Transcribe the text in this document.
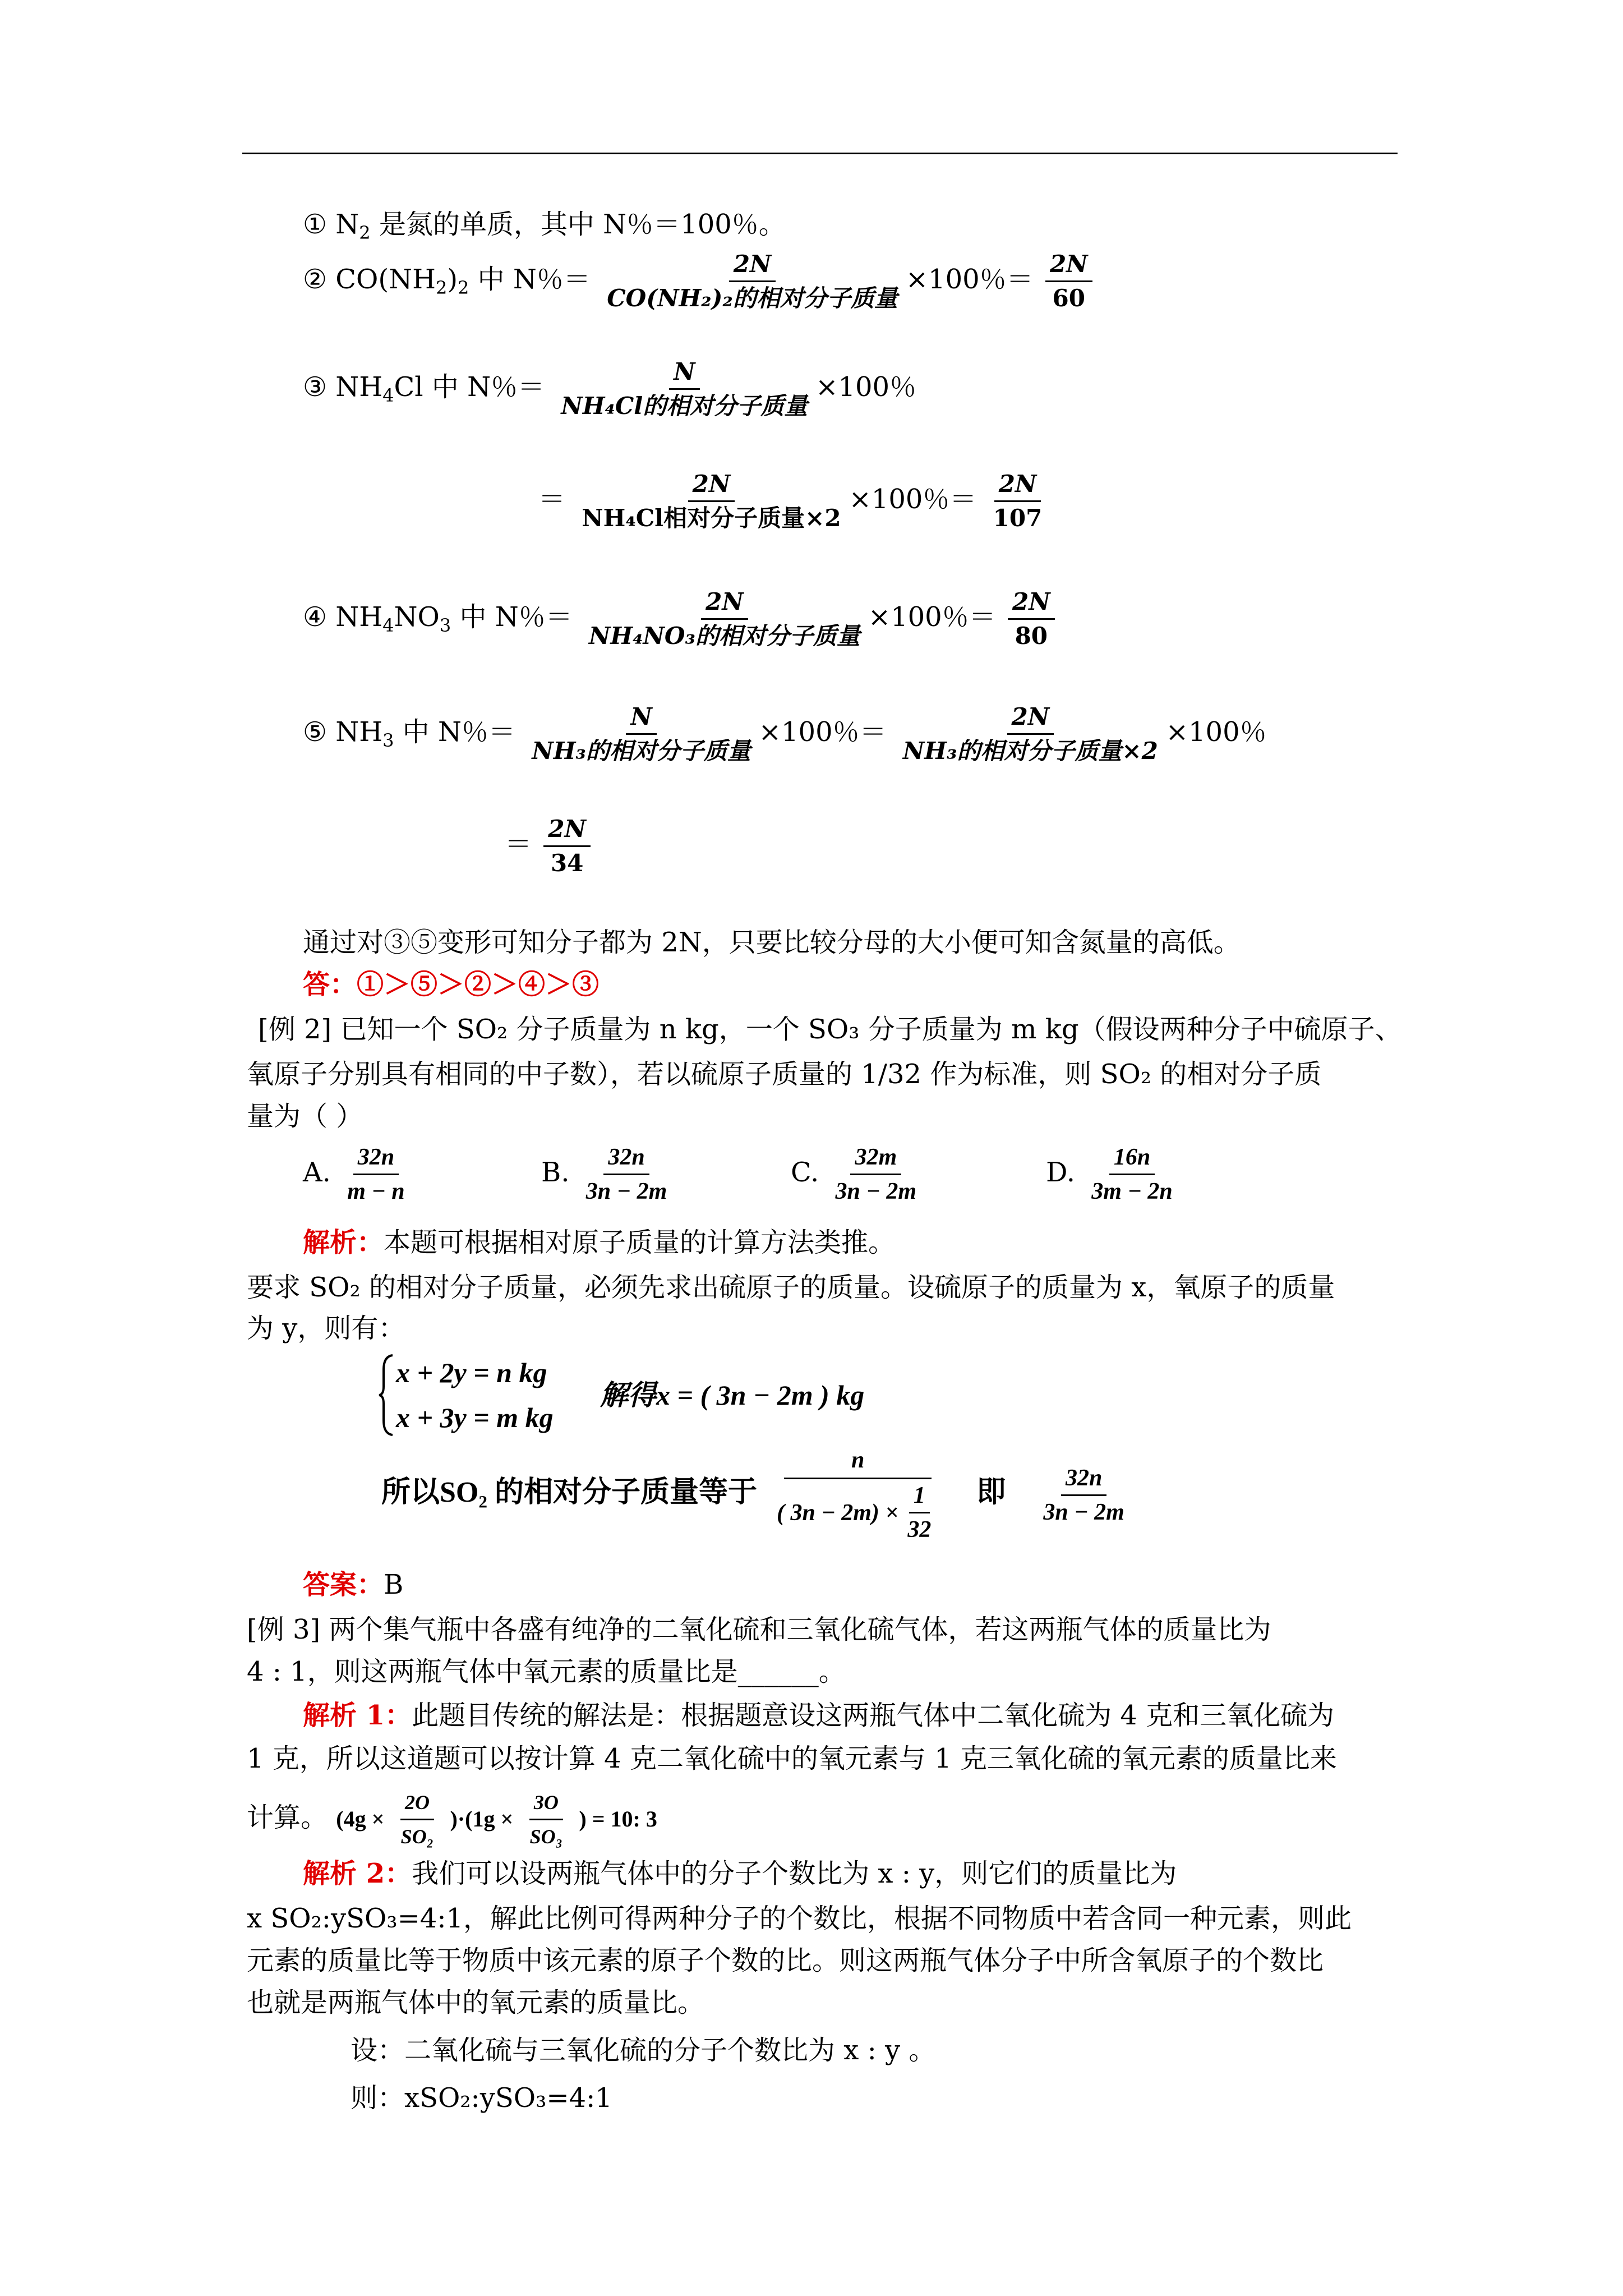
① $N_2$ 是氮的单质，其中 N％＝100％。
② $CO(NH_2)_2$ 中 N％＝ $\frac{2N}{\text{CO(NH₂)₂的相对分子质量}} \times 100$％＝ $\frac{2N}{60}$
③ $NH_4Cl$ 中 N％＝ $\frac{N}{\text{NH₄Cl的相对分子质量}} \times 100$％
＝ $\frac{2N}{\text{NH₄Cl相对分子质量×2}} \times 100$％＝ $\frac{2N}{107}$
④ $NH_4NO_3$ 中 N％＝ $\frac{2N}{\text{NH₄NO₃的相对分子质量}} \times 100$％＝ $\frac{2N}{80}$
⑤ $NH_3$ 中 N％＝ $\frac{N}{\text{NH₃的相对分子质量}} \times 100$％＝ $\frac{2N}{\text{NH₃的相对分子质量×2}} \times 100$％
＝ $\frac{2N}{34}$
通过对③⑤变形可知分子都为 2N，只要比较分母的大小便可知含氮量的高低。
答：①＞⑤＞②＞④＞③
[例 2] 已知一个 SO₂ 分子质量为 n kg，一个 SO₃ 分子质量为 m kg（假设两种分子中硫原子、
氧原子分别具有相同的中子数），若以硫原子质量的 1/32 作为标准，则 SO₂ 的相对分子质
量为（ ）
A. $\frac{32n}{m - n}$	B. $\frac{32n}{3n - 2m}$	C. $\frac{32m}{3n - 2m}$	D. $\frac{16n}{3m - 2n}$
解析：本题可根据相对原子质量的计算方法类推。
要求 SO₂ 的相对分子质量，必须先求出硫原子的质量。设硫原子的质量为 x，氧原子的质量
为 y，则有：
x + 2y = n kg
x + 3y = m kg
解得x = ( 3n − 2m ) kg
所以SO₂ 的相对分子质量等于 $\frac{n}{( 3n - 2m) \times \frac{1}{32}}$ 即 $\frac{32n}{3n - 2m}$
答案：B
[例 3] 两个集气瓶中各盛有纯净的二氧化硫和三氧化硫气体，若这两瓶气体的质量比为
4 : 1，则这两瓶气体中氧元素的质量比是______。
解析 1：此题目传统的解法是：根据题意设这两瓶气体中二氧化硫为 4 克和三氧化硫为
1 克，所以这道题可以按计算 4 克二氧化硫中的氧元素与 1 克三氧化硫的氧元素的质量比来
计算。 $(4g \times \frac{2O}{\text{SO₂}} )\cdot(1g \times \frac{3O}{\text{SO₃}}$ ) = 10: 3
解析 2：我们可以设两瓶气体中的分子个数比为 x : y，则它们的质量比为
x SO₂:ySO₃=4:1，解此比例可得两种分子的个数比，根据不同物质中若含同一种元素，则此
元素的质量比等于物质中该元素的原子个数的比。则这两瓶气体分子中所含氧原子的个数比
也就是两瓶气体中的氧元素的质量比。
设：二氧化硫与三氧化硫的分子个数比为 x : y 。
则：xSO₂:ySO₃=4:1
